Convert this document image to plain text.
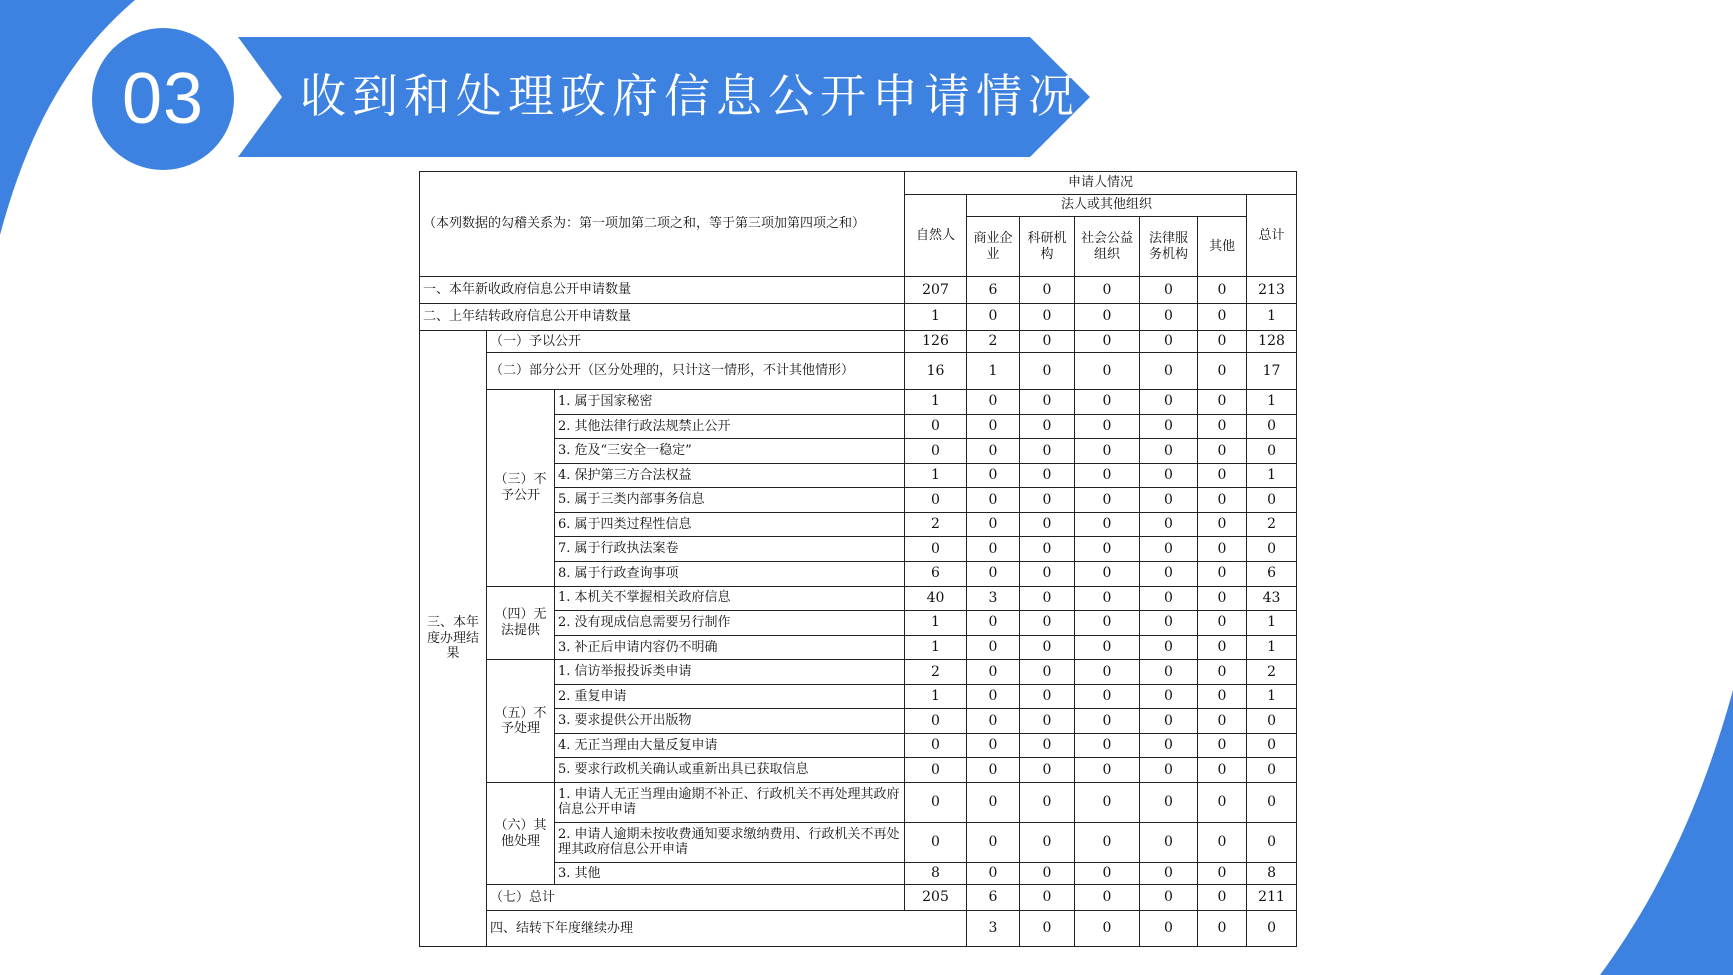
03	收到和处理政府信息公开申请情况
（本列数据的勾稽关系为：第一项加第二项之和，等于第三项加第四项之和）			申请人情况							
			自然人	法人或其他组织					总计	
				商业企业	科研机构	社会公益组织	法律服务机构	其他		
一、本年新收政府信息公开申请数量			207	6	0	0	0	0	213	
二、上年结转政府信息公开申请数量			1	0	0	0	0	0	1	
三、本年度办理结果	（一）予以公开		126	2	0	0	0	0	128	
	（二）部分公开（区分处理的，只计这一情形，不计其他情形）		16	1	0	0	0	0	17	
	（三）不予公开	1. 属于国家秘密	1	0	0	0	0	0	1	
		2. 其他法律行政法规禁止公开	0	0	0	0	0	0	0	
		3. 危及“三安全一稳定”	0	0	0	0	0	0	0	
		4. 保护第三方合法权益	1	0	0	0	0	0	1	
		5. 属于三类内部事务信息	0	0	0	0	0	0	0	
		6. 属于四类过程性信息	2	0	0	0	0	0	2	
		7. 属于行政执法案卷	0	0	0	0	0	0	0	
		8. 属于行政查询事项	6	0	0	0	0	0	6	
	（四）无法提供	1. 本机关不掌握相关政府信息	40	3	0	0	0	0	43	
		2. 没有现成信息需要另行制作	1	0	0	0	0	0	1	
		3. 补正后申请内容仍不明确	1	0	0	0	0	0	1	
	（五）不予处理	1. 信访举报投诉类申请	2	0	0	0	0	0	2	
		2. 重复申请	1	0	0	0	0	0	1	
		3. 要求提供公开出版物	0	0	0	0	0	0	0	
		4. 无正当理由大量反复申请	0	0	0	0	0	0	0	
		5. 要求行政机关确认或重新出具已获取信息	0	0	0	0	0	0	0	
	（六）其他处理	1. 申请人无正当理由逾期不补正、行政机关不再处理其政府信息公开申请	0	0	0	0	0	0	0	
		2. 申请人逾期未按收费通知要求缴纳费用、行政机关不再处理其政府信息公开申请	0	0	0	0	0	0	0	
		3. 其他	8	0	0	0	0	0	8	
	（七）总计		205	6	0	0	0	0	211	
	四、结转下年度继续办理			3	0	0	0	0	0	
